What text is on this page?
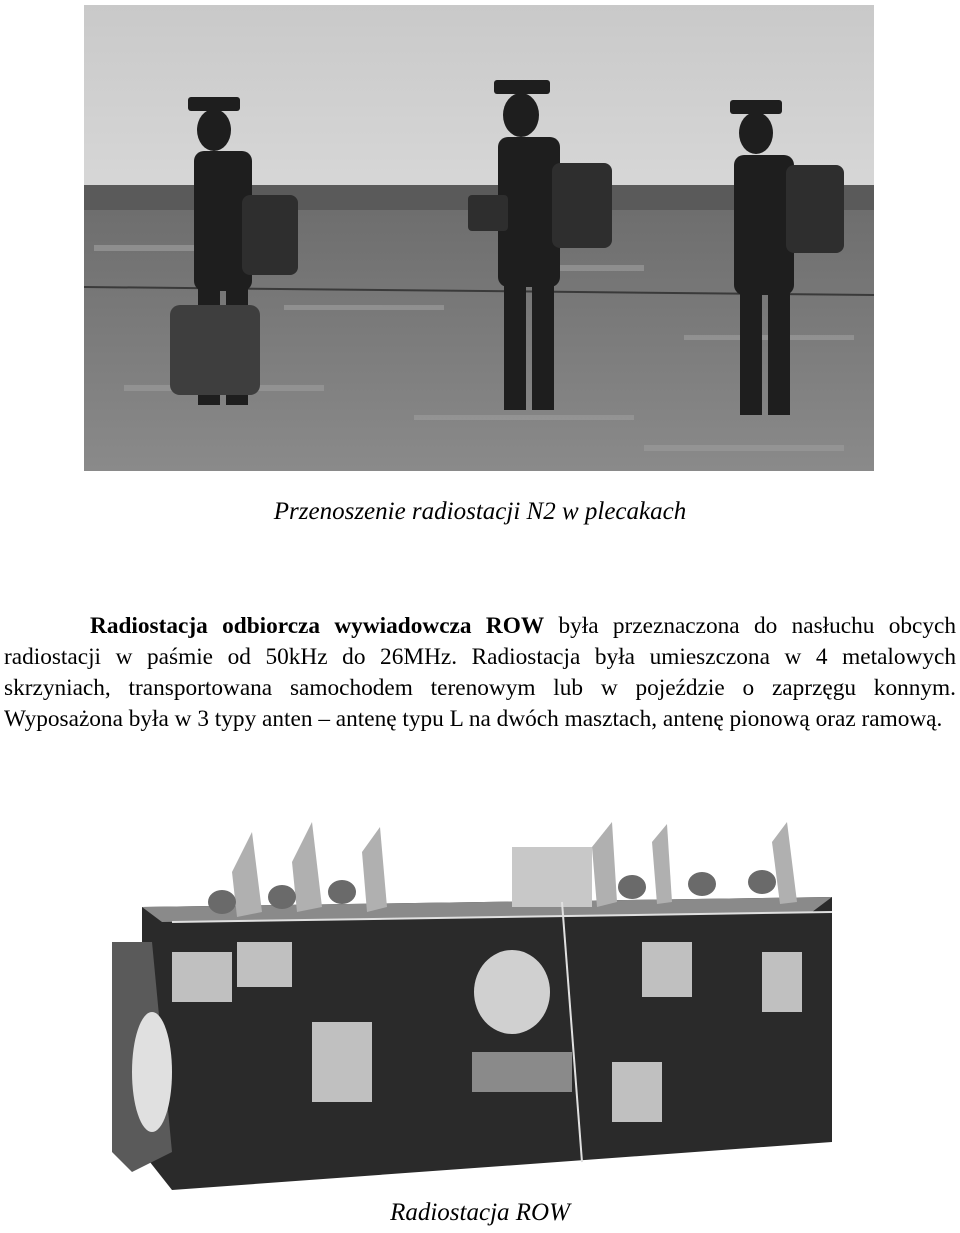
Przenoszenie radiostacji N2 w plecakach

Radiostacja odbiorcza wywiadowcza ROW była przeznaczona do nasłuchu obcych radiostacji w paśmie od 50kHz do 26MHz. Radiostacja była umieszczona w 4 metalowych skrzyniach, transportowana samochodem terenowym lub w pojeździe o zaprzęgu konnym. Wyposażona była w 3 typy anten – antenę typu L na dwóch masztach, antenę pionową oraz ramową.

Radiostacja ROW
